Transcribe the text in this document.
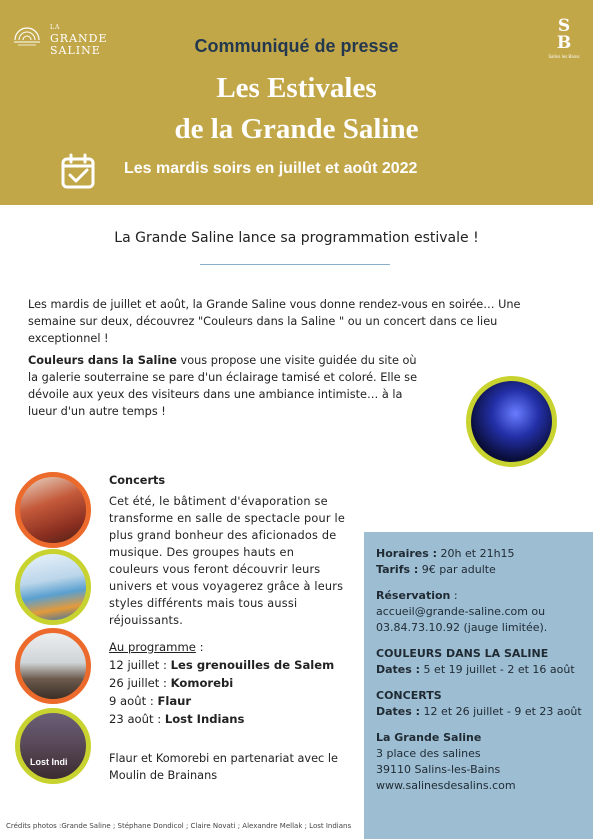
LA
GRANDE
SALINE
S
B
Salins les Bains
Communiqué de presse
Les Estivales
de la Grande Saline
Les mardis soirs en juillet et août 2022
La Grande Saline lance sa programmation estivale !

Les mardis de juillet et août, la Grande Saline vous donne rendez-vous en soirée… Une semaine sur deux, découvrez "Couleurs dans la Saline " ou un concert dans ce lieu exceptionnel !

Couleurs dans la Saline vous propose une visite guidée du site où la galerie souterraine se pare d'un éclairage tamisé et coloré. Elle se dévoile aux yeux des visiteurs dans une ambiance intimiste… à la lueur d'un autre temps !

Lost Indi
Concerts
Cet été, le bâtiment d'évaporation se transforme en salle de spectacle pour le plus grand bonheur des aficionados de musique. Des groupes hauts en couleurs vous feront découvrir leurs univers et vous voyagerez grâce à leurs styles différents mais tous aussi réjouissants.
Au programme :
12 juillet : Les grenouilles de Salem
26 juillet : Komorebi
9 août : Flaur
23 août : Lost Indians
Flaur et Komorebi en partenariat avec le Moulin de Brainans
Horaires : 20h et 21h15
Tarifs : 9€ par adulte
Réservation :
accueil@grande-saline.com ou
03.84.73.10.92 (jauge limitée).
COULEURS DANS LA SALINE
Dates : 5 et 19 juillet - 2 et 16 août
CONCERTS
Dates : 12 et 26 juillet - 9 et 23 août
La Grande Saline
3 place des salines
39110 Salins-les-Bains
www.salinesdesalins.com
Crédits photos :Grande Saline ; Stéphane Dondicol ; Claire Novati ; Alexandre Mellak ; Lost Indians
